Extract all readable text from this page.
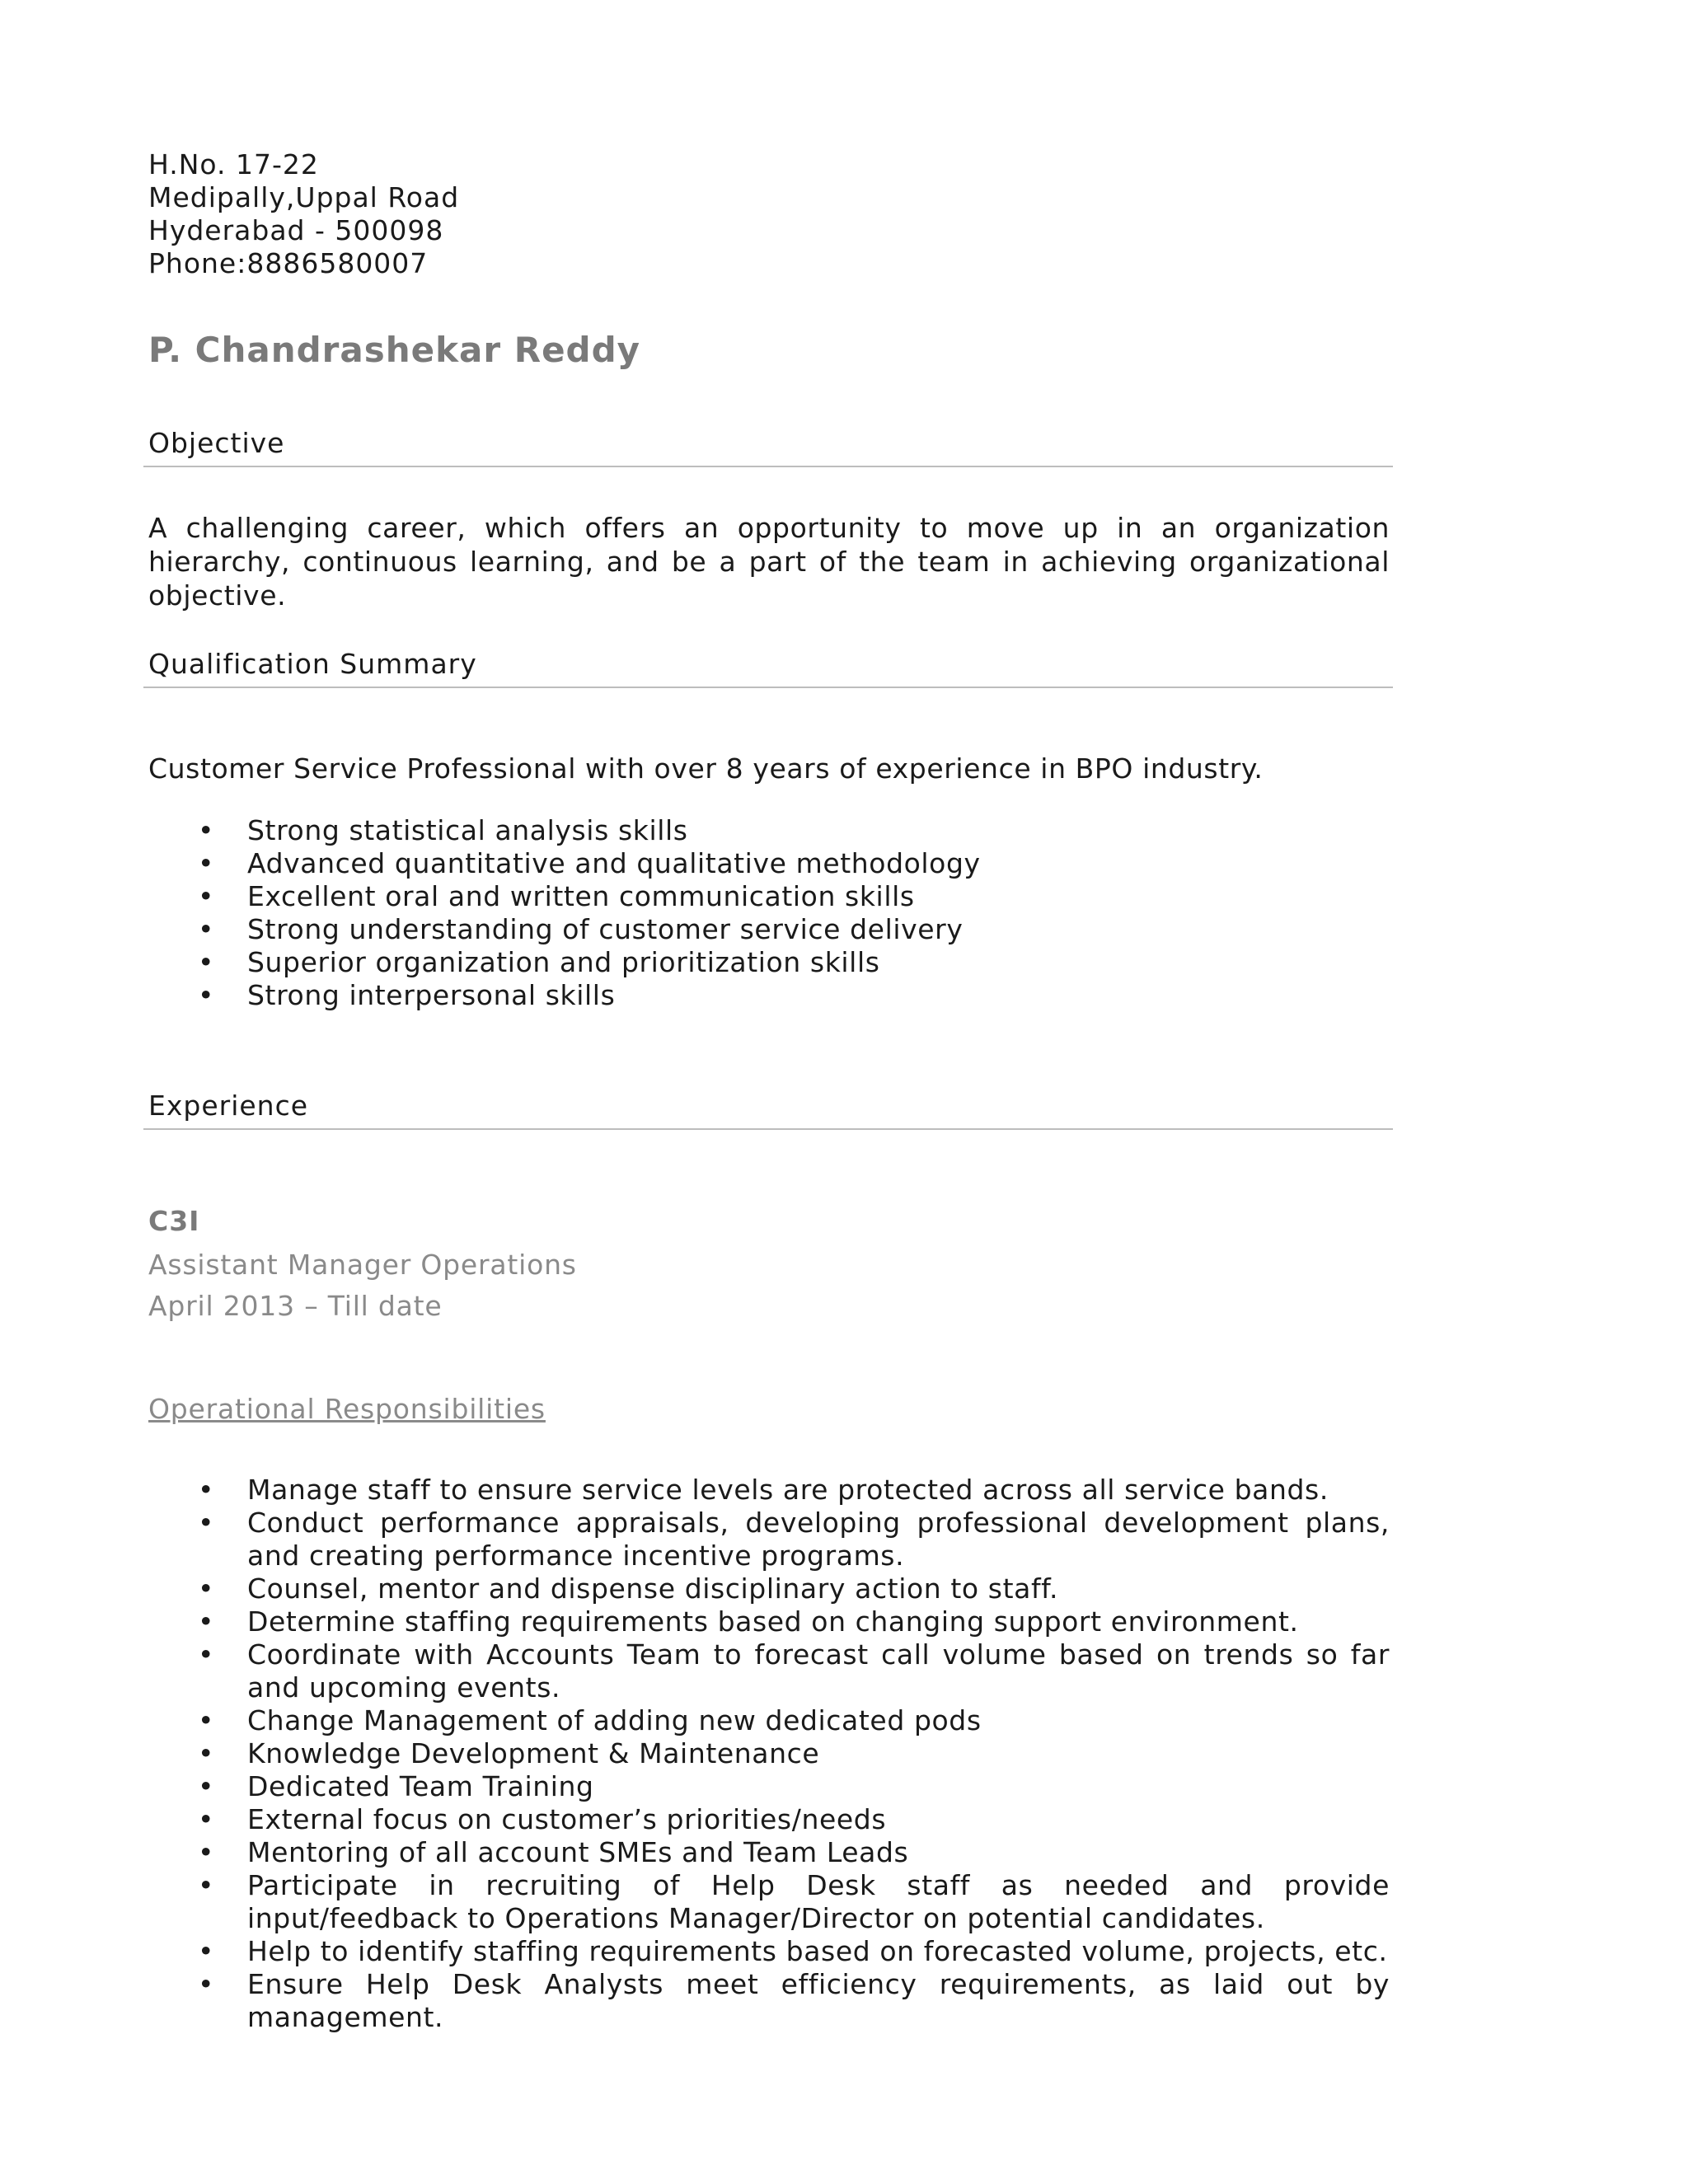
H.No. 17-22
Medipally,Uppal Road
Hyderabad - 500098
Phone:8886580007
P. Chandrashekar Reddy
Objective
A challenging career, which offers an opportunity to move up in an organization hierarchy, continuous learning, and be a part of the team in achieving organizational objective.
Qualification Summary
Customer Service Professional with over 8 years of experience in BPO industry.
• Strong statistical analysis skills
• Advanced quantitative and qualitative methodology
• Excellent oral and written communication skills
• Strong understanding of customer service delivery
• Superior organization and prioritization skills
• Strong interpersonal skills
Experience
C3I
Assistant Manager Operations
April 2013 – Till date
Operational Responsibilities
• Manage staff to ensure service levels are protected across all service bands.
• Conduct performance appraisals, developing professional development plans, and creating performance incentive programs.
• Counsel, mentor and dispense disciplinary action to staff.
• Determine staffing requirements based on changing support environment.
• Coordinate with Accounts Team to forecast call volume based on trends so far and upcoming events.
• Change Management of adding new dedicated pods
• Knowledge Development & Maintenance
• Dedicated Team Training
• External focus on customer’s priorities/needs
• Mentoring of all account SMEs and Team Leads
• Participate in recruiting of Help Desk staff as needed and provide input/feedback to Operations Manager/Director on potential candidates.
• Help to identify staffing requirements based on forecasted volume, projects, etc.
• Ensure Help Desk Analysts meet efficiency requirements, as laid out by management.
